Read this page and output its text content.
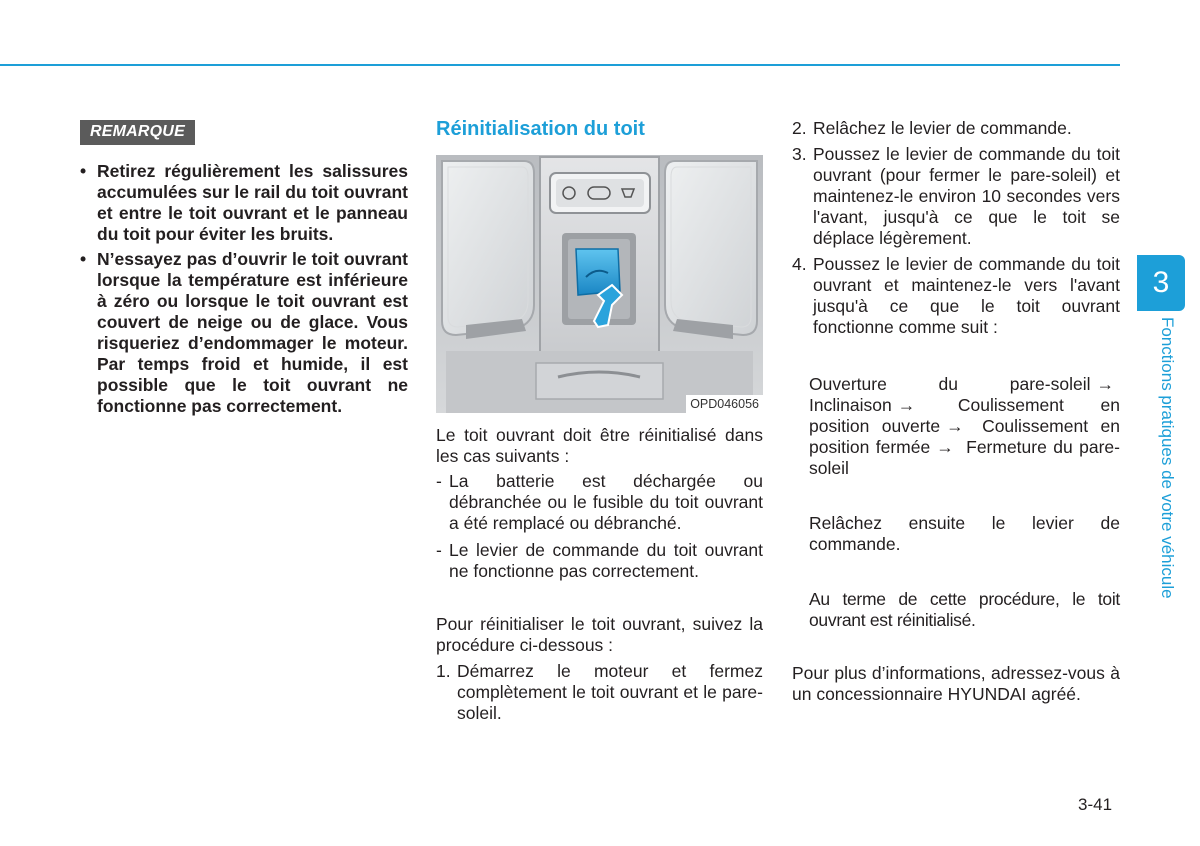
REMARQUE
• Retirez régulièrement les salissures accumulées sur le rail du toit ouvrant et entre le toit ouvrant et le panneau du toit pour éviter les bruits.
• N’essayez pas d’ouvrir le toit ouvrant lorsque la température est inférieure à zéro ou lorsque le toit ouvrant est couvert de neige ou de glace. Vous risqueriez d’endommager le moteur. Par temps froid et humide, il est possible que le toit ouvrant ne fonctionne pas correctement.
Réinitialisation du toit
OPD046056

Le toit ouvrant doit être réinitialisé dans les cas suivants :

- La batterie est déchargée ou débranchée ou le fusible du toit ouvrant a été remplacé ou débranché.
- Le levier de commande du toit ouvrant ne fonctionne pas correctement.

Pour réinitialiser le toit ouvrant, suivez la procédure ci-dessous :

1. Démarrez le moteur et fermez complètement le toit ouvrant et le pare-soleil.
2. Relâchez le levier de commande.
3. Poussez le levier de commande du toit ouvrant (pour fermer le pare-soleil) et maintenez-le environ 10 secondes vers l'avant, jusqu'à ce que le toit se déplace légèrement.
4. Poussez le levier de commande du toit ouvrant et maintenez-le vers l'avant jusqu'à ce que le toit ouvrant fonctionne comme suit :

Ouverture du pare-soleil → Inclinaison → Coulissement en position ouverte → Coulissement en position fermée → Fermeture du pare-soleil

Relâchez ensuite le levier de commande.

Au terme de cette procédure, le toit ouvrant est réinitialisé.

Pour plus d’informations, adressez-vous à un concessionnaire HYUNDAI agréé.

3
Fonctions pratiques de votre véhicule
3-41
